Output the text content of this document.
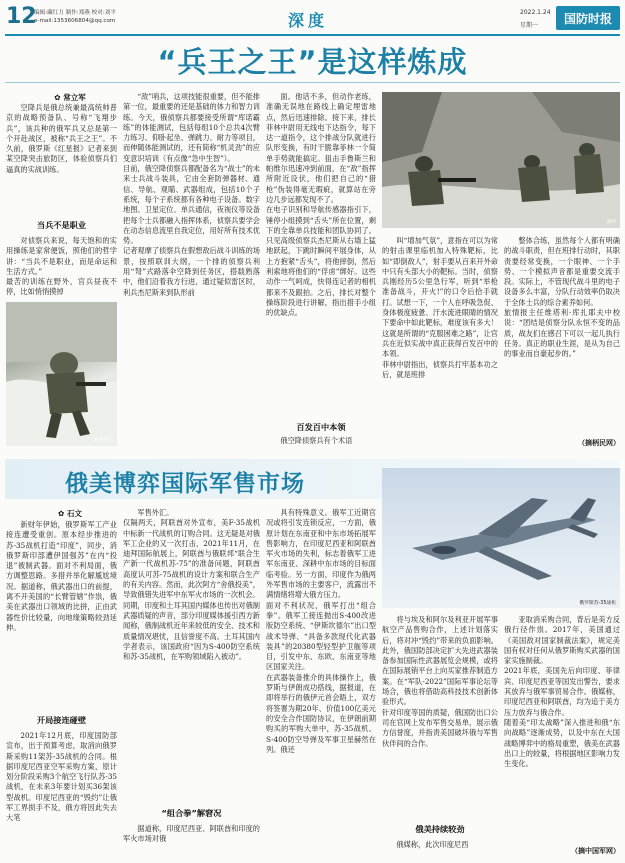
12
编辑:藏红力 制作:郑燕 校对:刘平
e-mail:1353606804@qq.com	深度	2022.1.24
星期一 国防时报
“兵王之王”是这样炼成
✿ 常立军
空降兵是俄总统兼最高统帅普京的战略预备队、号称“飞翔步兵”，该兵种的俄军兵又总是第一个开赴战区，被称“兵王之王”。不久前，俄罗斯《红星报》记者来到某空降突击旅防区，体验侦察兵们逼真的实战训练。
当兵不是职业
对侦察兵来说，每天饱和的实用操练是家常便饭，照他们的哲学讲：“当兵不是职业，而是命运和生活方式。”
最苦的训练在野外，官兵昼夜不停，比如悄悄摸掉
敌敌伟员
“敌”哨兵，这项技能很重要，但不能排第一位，最重要的还是基础的体力和智力训练。今天，俄侦察兵都要接受所谓“库诺霸练”的体能测试，包括每组10个总共4次臂力练习、仰卧起坐、弹跳力、耐力等项目，而伸随体能测试的，还有简称“机灵劲”的应变意识培训（有点像“急中生智”）。
目前，俄空降侦察兵都配备名为“战士”的未来士兵战斗装具，它由全套防弹器材、通信、导航、观瞄、武器组成，包括10个子系统，每个子系统都有各种电子设备。数字地图、卫星定位、单兵通信，夜视仪等设备把每个士兵都融入指挥体系，侦察兵要学会在动态信息流里自我定位，用好所有技术优势。
记者观摩了侦察兵在假想敌后战斗训练的场景，按照联训大纲，一个排的侦察兵利用“弩”式路落伞空降到任务区，搭载熟落中，他们沿着我方行进，通过疑似雷区时，利兵杰尼斯来到队形前
面。他话不多，但动作老练，准确无误地在路线上确定埋雷地点，然后迅速排除。接下来，排长菲林中尉用无线电下达指令，每下达一道指令，这个排战分队就进行队形变换，有时干脆靠菲林一个简单手势就能搞定。狙击手鲁斯兰和帕维尔迅速冲到前面，在“敌”指挥所附近设伏，他们把自己的“猎枪”伪装得毫无瑕疵，就算站在旁边几步远都发现不了。
在电子识别和导航传感器指引下，锤停小组摸到“舌头”所在位置，剩下的全靠单兵技能和团队协同了。只见高级侦察兵杰尼斯从右墙上猛地跃起，下跳时瞬间平展身体，从上方抱紧“舌头”，将他摔倒，然后利索地将他们的“俘虏”绑好。这些动作一气呵成，快得连记者的相机都来不及跟拍。之后，排长对整个操练阶段进行讲解，指出措手小组的优缺点。
百发百中本领
俄空降侦察兵有个术语
调停
叫“增加气氛”，意指在可以为常的射击课里临机加入特殊靶标，比如“即倒敌人”，射手要从百来开外命中只有头部大小的靶标。当时，侦察兵刚经历5公里急行军，听到“举枪准备战斗，开火!”的口令后拾手就打。试想一下，一个人在呼吸急促、身体极度疲惫、汗水流进眼睛的情况下要命中如此靶标，难度该有多大！这就是所谓的“克服困难之路”，让官兵在近似实战中真正获得百发百中的本领。
菲林中尉指出，侦察兵打牢基本功之后，就是班排
整体合练，虽然每个人都有明确的战斗职责，但在班排行动时，其职责要经常变换，一个眼神、一个手势、一个模拟声音都是重要交流手段。实际上，不管现代战斗里的电子设备多么丰富，分队行动效率仍取决于全体士兵的综合素养如何。
旅情报主任维塔利·库扎耶夫中校说：“团结是侦察分队永恒不变的品质，战友们在感召下可以一起儿执行任务。真正的职业生涯，是从为自己的事业而自豪起步的。”
（摘柄民网）
俄美博弈国际军售市场
✿ 石文
新财年伊始，俄罗斯军工产业接连遭受重创。原本经步推进的苏-35战机打造“印度”，同步，消俄罗斯印部遭伊国强苏”在内“投退”被制武器。面对不利局面，俄方调整思路。多措并举化解尴尬境况。据道称，俄武器出口的前提，离不开美国的“长臂管辖”作祟，俄美在武器出口领域的比拼，正由武器性价比较量，向地缘策略较劲延伸。
开局接连碰壁
2021年12月底，印度国防部宣布，出于预算考虑，取消向俄罗斯采购11架苏-35战机的合同。根据印度尼西亚空军采购方案，原计划分阶段采购3个航空飞行队苏-35战机，在未来3年要计划买36架该型战机。印度尼西亚的“毁约”让俄军工界损手不及，俄方将因此失去大笔
军售外汇。
仅隔两天，阿联酋对外宣布，美F-35战机中标新一代战机的订购合同。这无疑是对俄军工企业的又一次打击，2021年11月，在迪拜国际航展上，阿联酋与俄联邦“联合生产新一代战机苏-75”的准备问题，阿联酋高度认可苏-75战机的设计方案和联合生产的有关内容。然而，此次阿方“舍俄投美”，导致俄错失进军中东军火市场的一次机会。
同期，印度和土耳其国内媒体也传出对俄制武器质疑的声音，部分印度媒体援引西方新闻称，俄制战机近年来较低的安全、技术和质量情况堪忧，且信誉度不高。土耳其国内学者表示，该国政府“因为S-400防空系统和苏-35战机，在军购领域陷入被动”。
“组合拳”解窘况
据道称，印度尼西亚、阿联酋和印度的军火市场对俄
具有特殊意义。俄军工近期官况或将引发连锁反应，一方面，俄原计划在东南亚和中东市场拓展军售影响力，在印度尼西亚和阿联酋军火市场的失利，标志着俄军工进军东南亚、深耕中东市场的目标面临考验。另一方面，印度作为俄两外军售市场的主要客户，流露出不满情绪将增大俄方压力。
面对不利状况，俄军打出“组合拳”。俄军工接连抛出S-400改进版防空系统、“伊斯坎德尔”出口型战术导弹、“具备多款现代化武器装具”的20380型轻型护卫舰等项目，引发中东、东欧、东南亚等地区国家关注。
在武器装备推介的具体操作上，俄罗斯与伊朗成功搭线，据报道，在即将举行的俄伊元首会晤上，双方将签署为期20年、价值100亿美元的安全合作国防协议，在伊朗前期购买的军购大单中，苏-35战机、S-400防空导弹及军事卫星赫然在列。俄还
俄罗斯苏-35战机
将与埃及和阿尔及利亚开展军事航空产品售购合作，上述计划落实后，将对冲“毁约”带来的负面影响。此外，俄国防部决定扩大先进武器装备参加国际性武器展览会规模，或将在国际展销平台上向买家推荐制造方案。在“军队-2022”国际军事论坛等场合，俄也将借助高科技技术创新体验形式。
针对印度等国的质疑，俄国防出口公司在官网上发布军售交易单，展示俄方信誉度，并指责美国破坏俄与军售伙伴间的合作。
俄美持续较劲
俄媒称，此次印度尼西
亚取消采购合同，背后是美方反俄行径作祟。2017年，美国通过《美国敌对国家制裁法案》，规定美国有权对任何从俄罗斯购买武器的国家实施制裁。
2021年底，美国先后向印度、菲律宾、印度尼西亚等国发出警告，要求其放弃与俄军事贸易合作。俄媒称，印度尼西亚和阿联酋，均为追于美方压力放弃与俄合作。
随着美“印太战略”深入推进和俄“东向战略”逐渐成势，以及中东在大国战略博弈中的格局重塑，俄美在武器出口上的较量，将根据地区影响力发生变化。
（摘中国军网）
